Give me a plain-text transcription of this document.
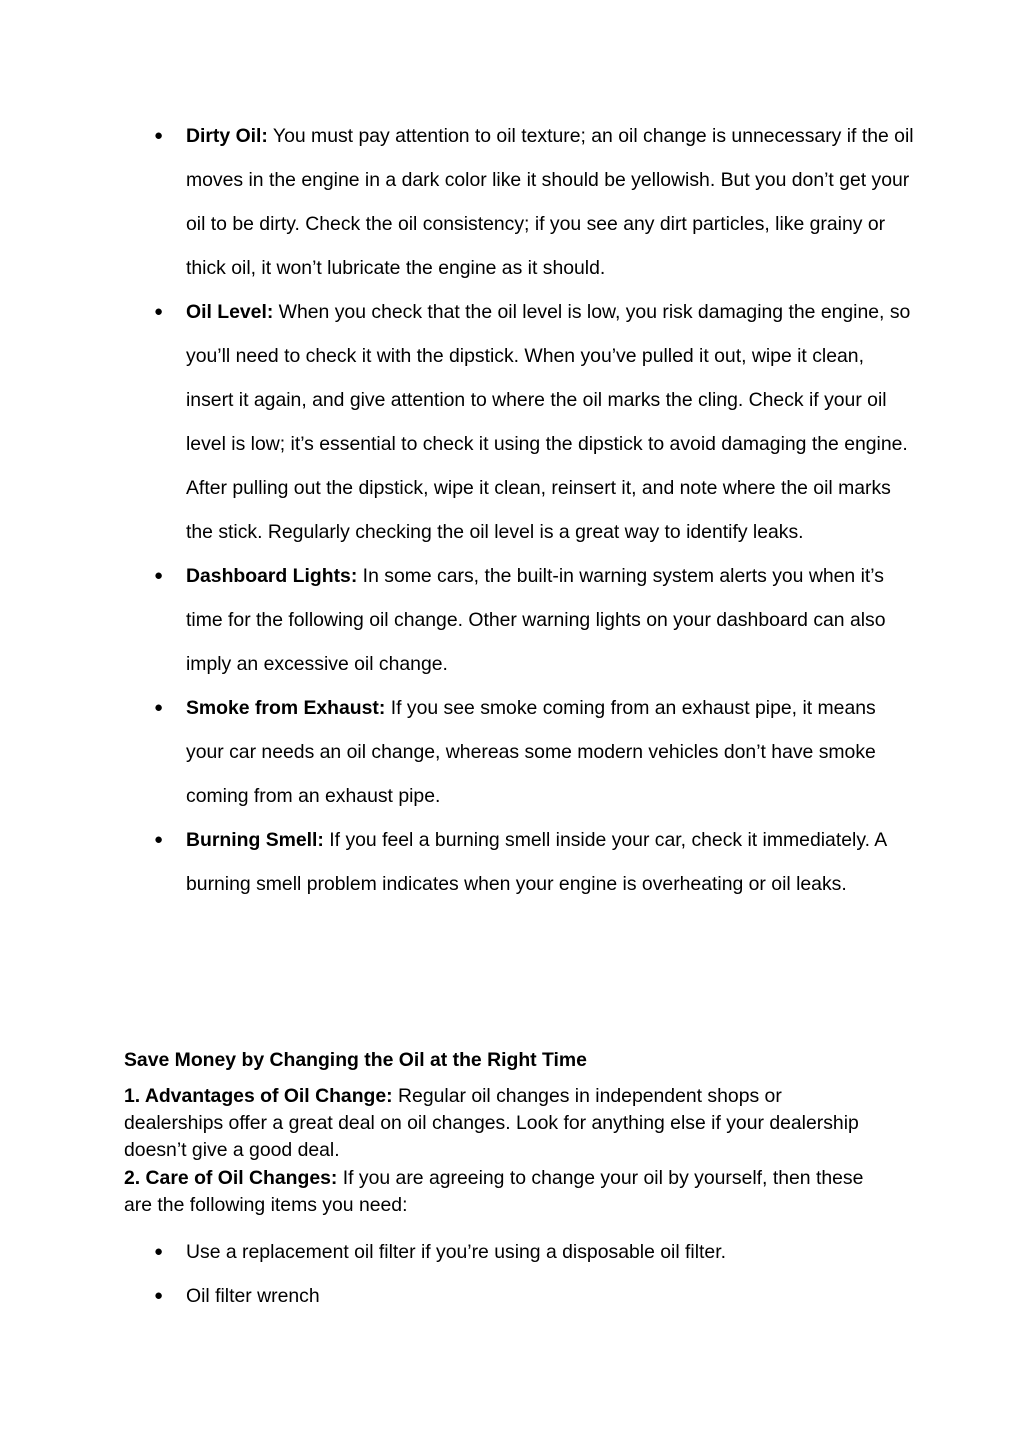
● Dirty Oil: You must pay attention to oil texture; an oil change is unnecessary if the oil moves in the engine in a dark color like it should be yellowish. But you don’t get your oil to be dirty. Check the oil consistency; if you see any dirt particles, like grainy or thick oil, it won’t lubricate the engine as it should.
● Oil Level: When you check that the oil level is low, you risk damaging the engine, so you’ll need to check it with the dipstick. When you’ve pulled it out, wipe it clean, insert it again, and give attention to where the oil marks the cling. Check if your oil level is low; it’s essential to check it using the dipstick to avoid damaging the engine. After pulling out the dipstick, wipe it clean, reinsert it, and note where the oil marks the stick. Regularly checking the oil level is a great way to identify leaks.
● Dashboard Lights: In some cars, the built-in warning system alerts you when it’s time for the following oil change. Other warning lights on your dashboard can also imply an excessive oil change.
● Smoke from Exhaust: If you see smoke coming from an exhaust pipe, it means your car needs an oil change, whereas some modern vehicles don’t have smoke coming from an exhaust pipe.
● Burning Smell: If you feel a burning smell inside your car, check it immediately. A burning smell problem indicates when your engine is overheating or oil leaks.
Save Money by Changing the Oil at the Right Time

1. Advantages of Oil Change: Regular oil changes in independent shops or dealerships offer a great deal on oil changes. Look for anything else if your dealership doesn’t give a good deal.

2. Care of Oil Changes: If you are agreeing to change your oil by yourself, then these are the following items you need:

● Use a replacement oil filter if you’re using a disposable oil filter.
● Oil filter wrench
